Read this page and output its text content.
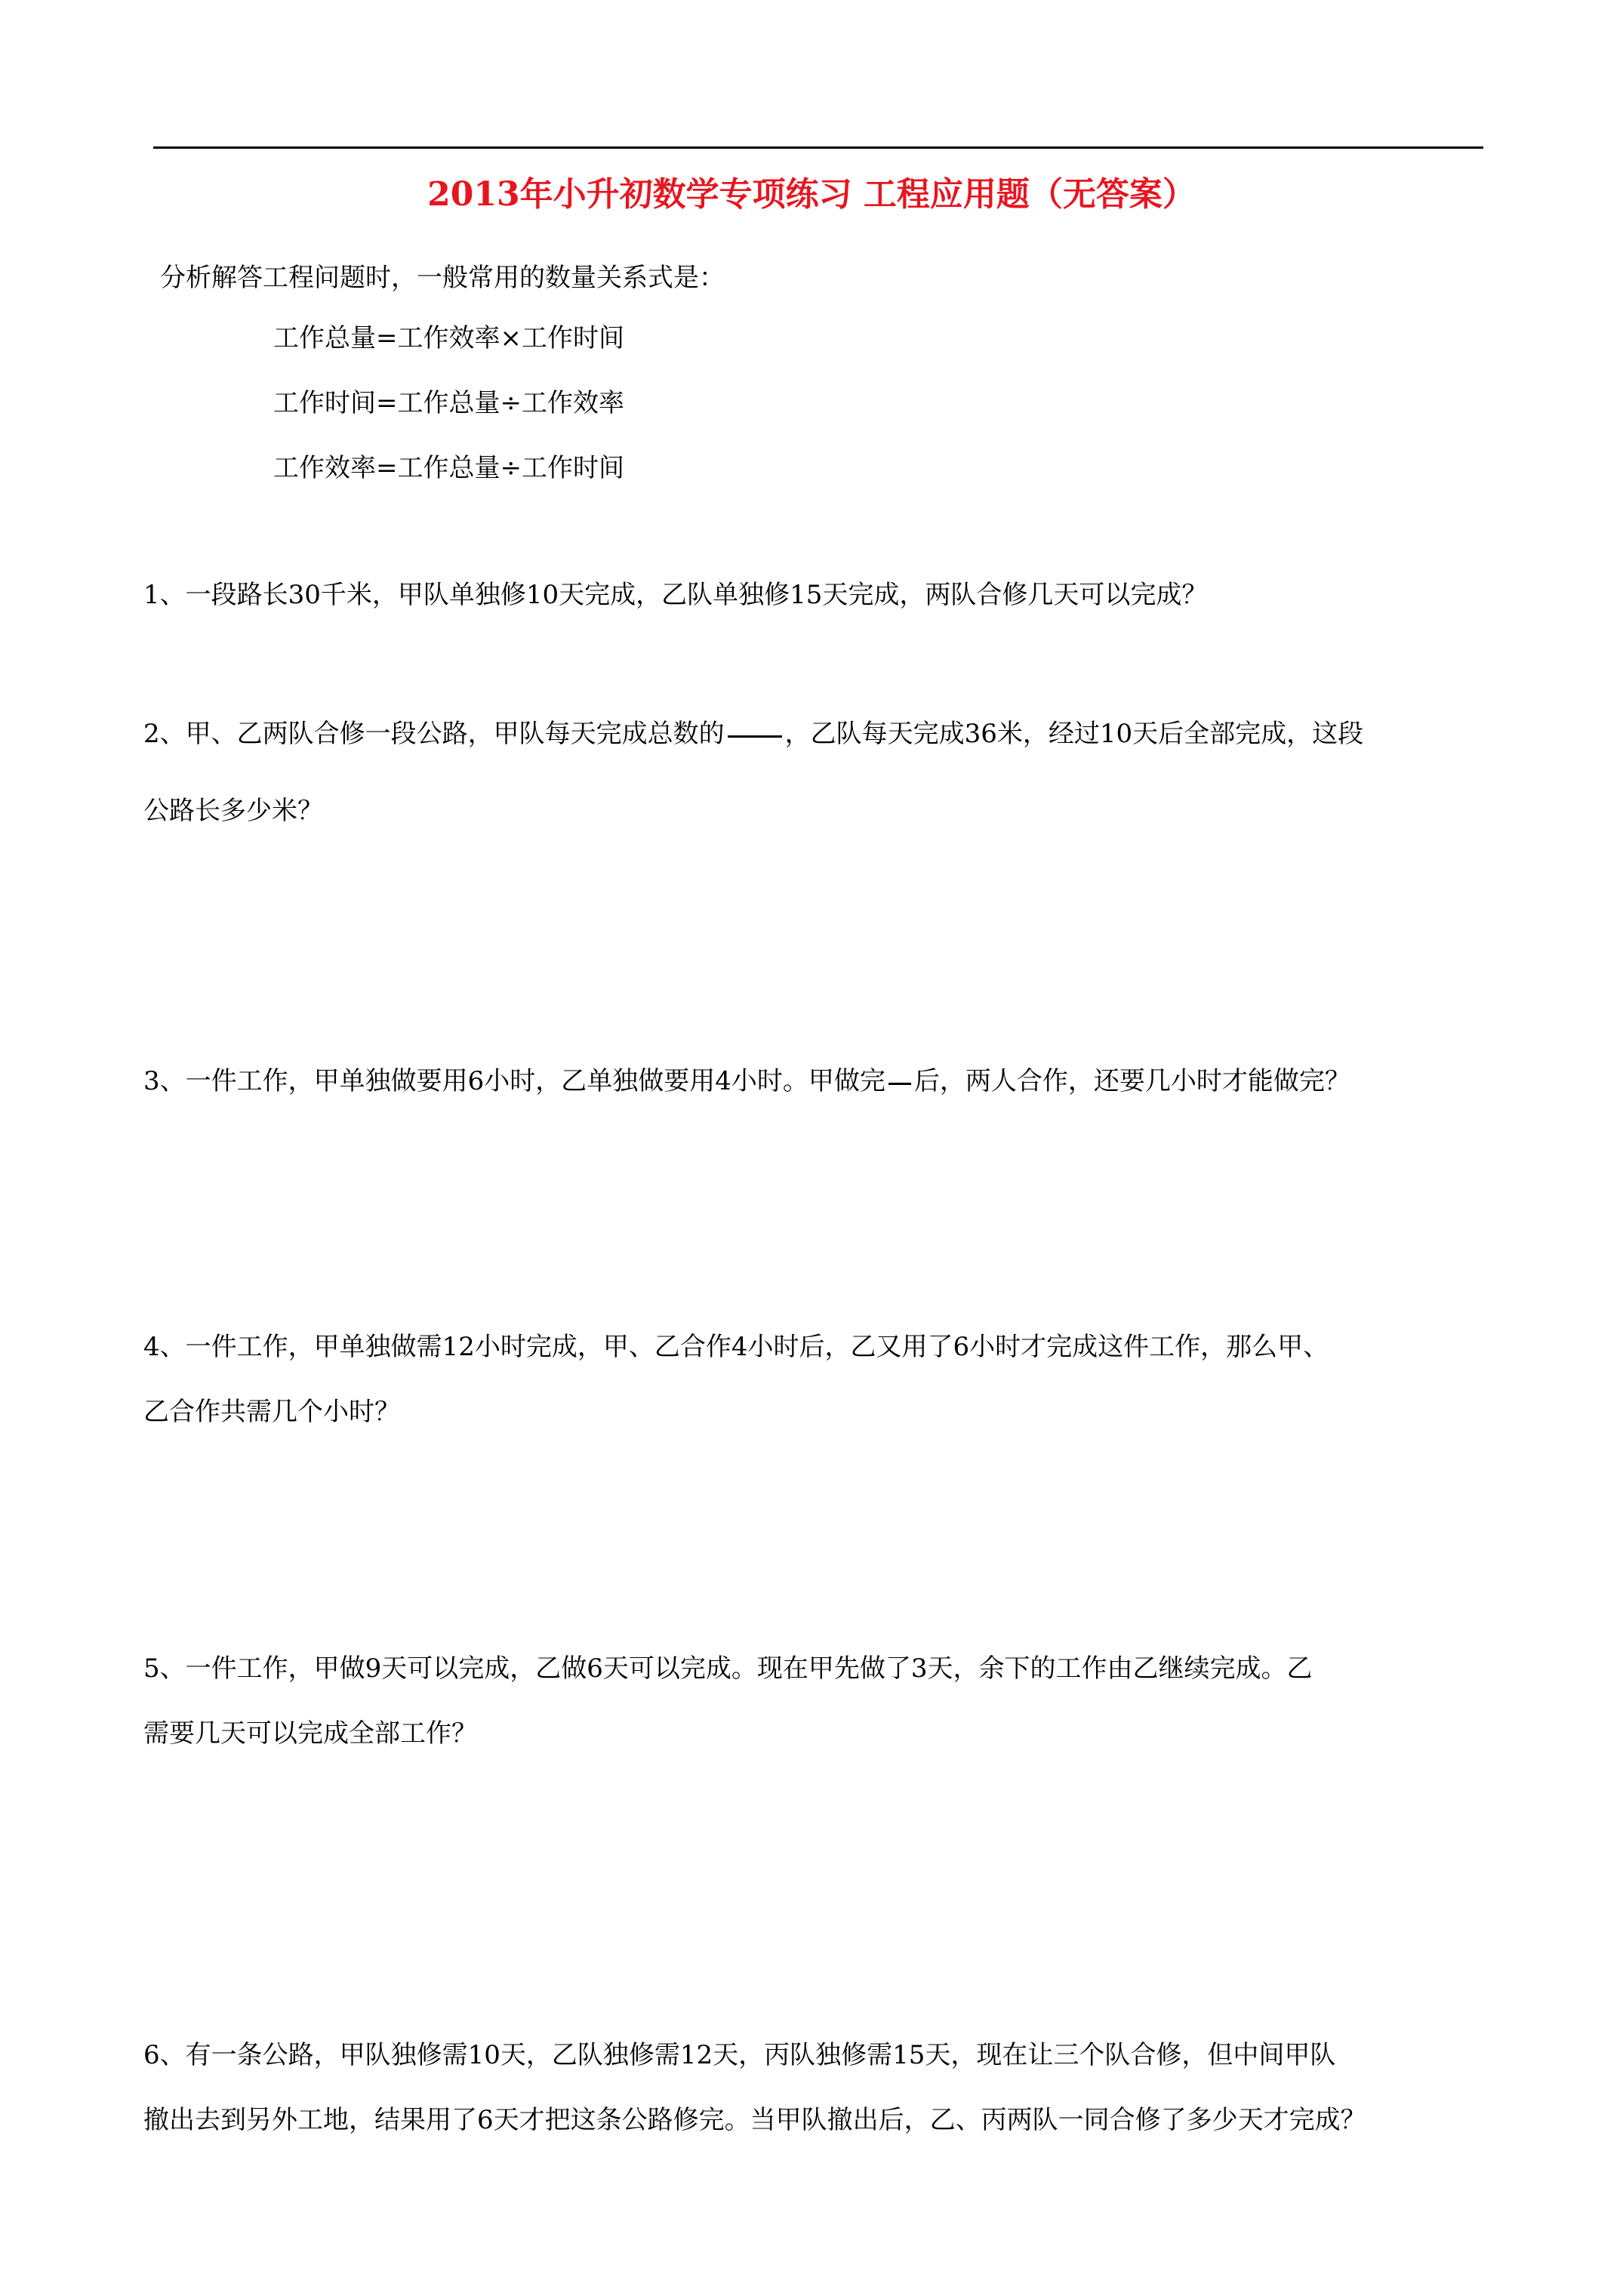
2013年小升初数学专项练习 工程应用题（无答案）
分析解答工程问题时，一般常用的数量关系式是：
工作总量=工作效率×工作时间
工作时间=工作总量÷工作效率
工作效率=工作总量÷工作时间
1、一段路长30千米，甲队单独修10天完成，乙队单独修15天完成，两队合修几天可以完成？
2、甲、乙两队合修一段公路，甲队每天完成总数的 ，乙队每天完成36米，经过10天后全部完成，这段
公路长多少米？
3、一件工作，甲单独做要用6小时，乙单独做要用4小时。甲做完 后，两人合作，还要几小时才能做完？
4、一件工作，甲单独做需12小时完成，甲、乙合作4小时后，乙又用了6小时才完成这件工作，那么甲、
乙合作共需几个小时？
5、一件工作，甲做9天可以完成，乙做6天可以完成。现在甲先做了3天，余下的工作由乙继续完成。乙
需要几天可以完成全部工作？
6、有一条公路，甲队独修需10天，乙队独修需12天，丙队独修需15天，现在让三个队合修，但中间甲队
撤出去到另外工地，结果用了6天才把这条公路修完。当甲队撤出后，乙、丙两队一同合修了多少天才完成？
